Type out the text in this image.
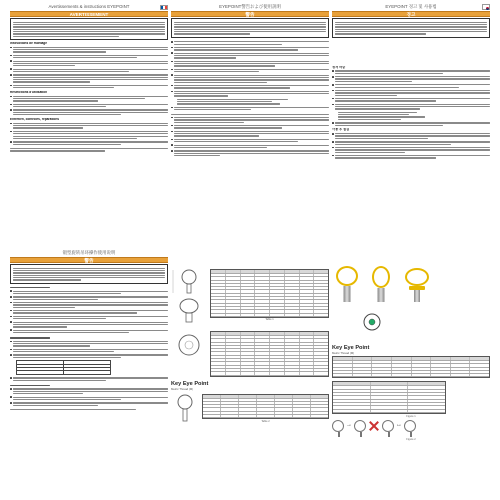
Avertissements & instructions EYEPOINT
AVERTISSEMENT
Instructions de montage
Restrictions d'utilisation
Entretien, contrôles, réparations
EYEPOINT警告および使用説明
警告
EYEPOINT 경고 및 사용법
경고
정격 하중
사용 후 점검
锻型旋转吊环操作使用说明
警告
Table 1
Key Eye Point
Metric Thread (M)
Table 2
Key Eye Point
Metric Thread (M)
Figure 1
→	↔
Figure 2
